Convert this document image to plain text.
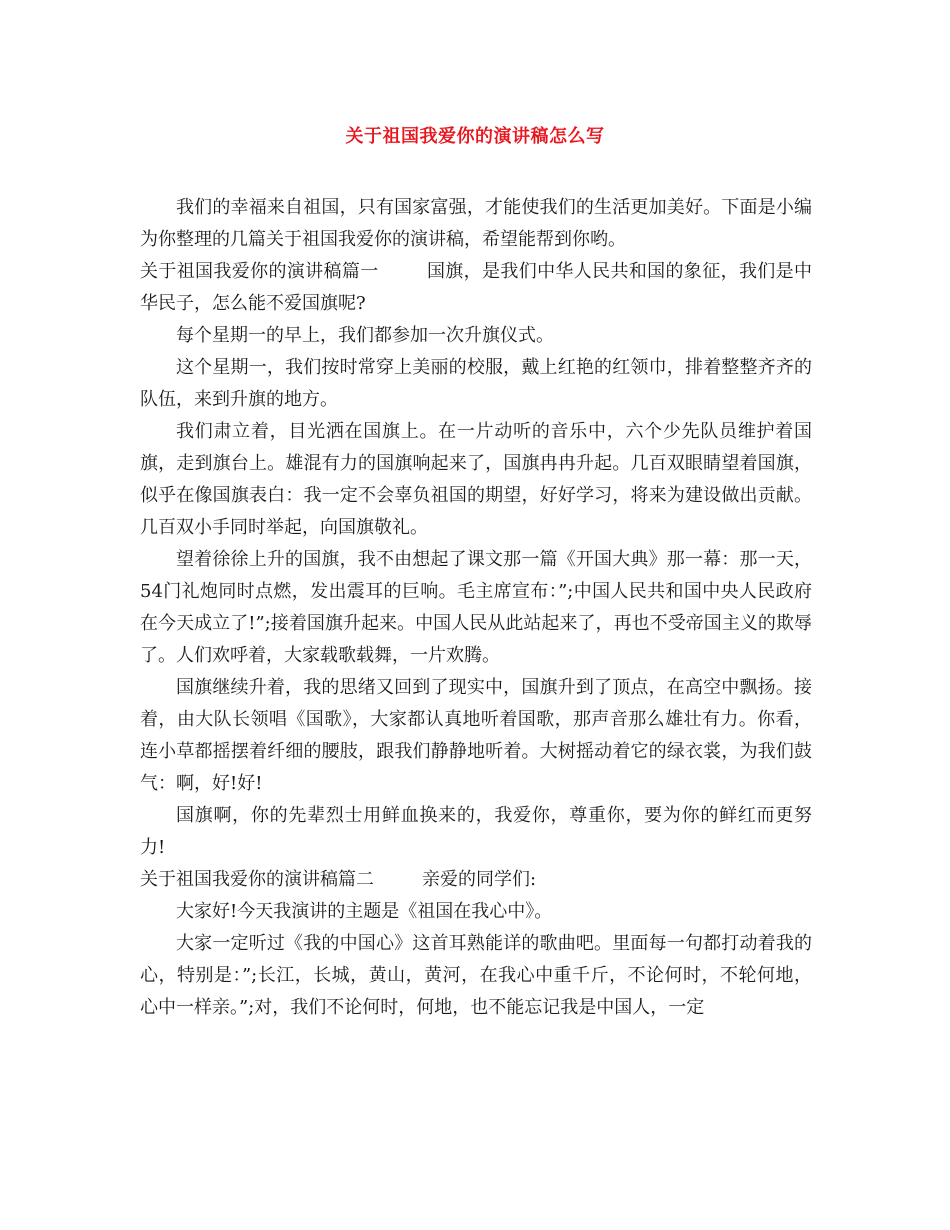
关于祖国我爱你的演讲稿怎么写

我们的幸福来自祖国，只有国家富强，才能使我们的生活更加美好。下面是小编为你整理的几篇关于祖国我爱你的演讲稿，希望能帮到你哟。

关于祖国我爱你的演讲稿篇一	国旗，是我们中华人民共和国的象征，我们是中华民子，怎么能不爱国旗呢?

每个星期一的早上，我们都参加一次升旗仪式。

这个星期一，我们按时常穿上美丽的校服，戴上红艳的红领巾，排着整整齐齐的队伍，来到升旗的地方。

我们肃立着，目光洒在国旗上。在一片动听的音乐中，六个少先队员维护着国旗，走到旗台上。雄混有力的国旗响起来了，国旗冉冉升起。几百双眼睛望着国旗，似乎在像国旗表白：我一定不会辜负祖国的期望，好好学习，将来为建设做出贡献。几百双小手同时举起，向国旗敬礼。

望着徐徐上升的国旗，我不由想起了课文那一篇《开国大典》那一幕：那一天，54门礼炮同时点燃，发出震耳的巨响。毛主席宣布：”;中国人民共和国中央人民政府在今天成立了!”;接着国旗升起来。中国人民从此站起来了，再也不受帝国主义的欺辱了。人们欢呼着，大家载歌载舞，一片欢腾。

国旗继续升着，我的思绪又回到了现实中，国旗升到了顶点，在高空中飘扬。接着，由大队长领唱《国歌》，大家都认真地听着国歌，那声音那么雄壮有力。你看，连小草都摇摆着纤细的腰肢，跟我们静静地听着。大树摇动着它的绿衣裳，为我们鼓气：啊，好!好!

国旗啊，你的先辈烈士用鲜血换来的，我爱你，尊重你，要为你的鲜红而更努力!

关于祖国我爱你的演讲稿篇二	亲爱的同学们:

大家好!今天我演讲的主题是《祖国在我心中》。

大家一定听过《我的中国心》这首耳熟能详的歌曲吧。里面每一句都打动着我的心，特别是：”;长江，长城，黄山，黄河，在我心中重千斤，不论何时，不轮何地，心中一样亲。”;对，我们不论何时，何地，也不能忘记我是中国人，一定
